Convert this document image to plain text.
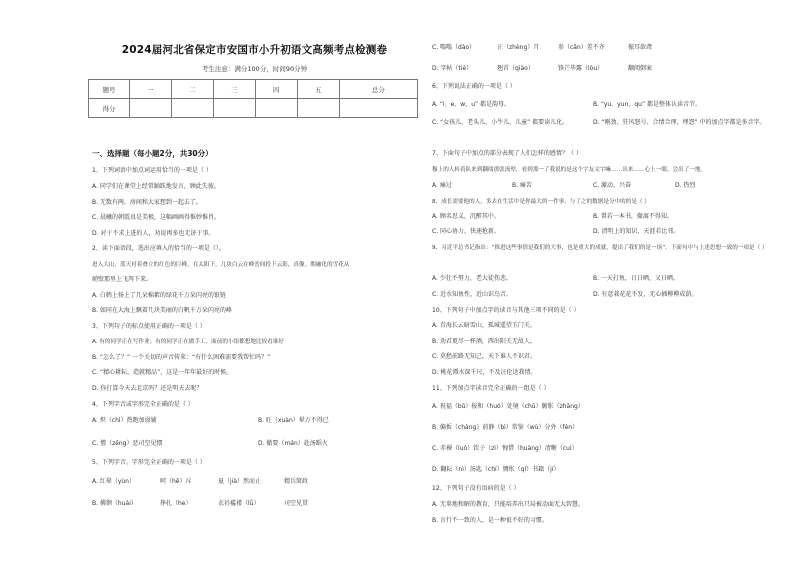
2024届河北省保定市安国市小升初语文高频考点检测卷
考生注意：满分100分，时间90分钟
题号	一	二	三	四	五	总分
得分						
一、选择题（每小题2分，共30分）
1、下列词语中加点词运用恰当的一项是（ ）
A. 同学们在课堂上经常踊跃地发言，顾此失彼。
B. 无数有两，房间和大家想到一起去了。
C. 晨曦的朝霞真是美极，这幅画画得惟妙惟肖。
D. 对于不求上进的人，劝说再多也无济于事。
2、读下面语段，选出应填入的恰当的一项是（）。
进入大山，蓝天衬着叠立的红色的巨峰，在太阳下，几块白云在峰峦间投下云影，真像。期融化的雪花从
峭壁那里上飞泻下来。
A. 白鹤上扬上了几朵棉絮的绿花千万朵闪亮的银链
B. 如同在大海上飘着几块美丽的白帆千万朵闪亮的峰
3、下列句子的标点使用正确的一项是（ ）
A. 有的同学正在写作业；有的同学正在做手工。面前的小组都想地比较看谁好
B. “怎么了？” 一个关切的声音传来：“有什么困难需要我帮忙吗？”
C. “精心耕耘，造就精品”，这是一年年最好的时候。
D. 你打算今天去北京吗？还是明天去呢？
4、下列字音或字形完全正确的是（ ）
A. 炽（chì）热跑加弱辅	B. 旺（xuàn）晕万不得已
C. 憎（zēng）恶司空见惯	D. 撤要（mán）赴汤蹈火
5、下列字音、字形完全正确的一项是（ ）
A. 红晕（yùn）	呵（hē）斥	夏（jià）然而止	精兵简政
B. 拂徊（huái）	挣扎（he）	衣衫褴褛（lǚ）	司空见贯
C. 嗡嗡（dào）	正（zhèng）月	参（cān）差不齐	振耳欲聋
D. 字帖（tiè）	翘首（qiào）	锋芒毕露（lòu）	翻阅倒案
6、下列说法正确的一项是（ ）
A. “i、e、w、u” 都是韵母。	B. “yu、yun、qu” 都是整体认读音节。
C. “女孩儿、老头儿、小牛儿、儿童” 都要读儿化。	D. “刚劲、狂风怒号、合情合理、埋怨” 中的加点字都是多音字。
7、下面句子中加点的部分表现了人们怎样的感情？（ ）
穆上的人转着队来到翻阅那张流壁，看到那一了我说的是这个字友文字嘛……出来……心上一眼，会出了一地。
A. 痛过	B. 痛苦	C. 激动、兴奋	D. 热烈
8、成长需要他的人，多去在生活中是你最大的一件事。与了之的数据是分中的的是（ ）
A. 顾名思义，沉醉其中。	B. 置若一本书，撤离不得知。
C. 同心协力，快速抢新。	D. 清明上的知识，天涯若比邻。
9、习近平总书记指出：“推进这些事情是我们的大事，也是重大的成就，提出了我们的是一场”。下面句中与上述思想一致的一项是（ ）
A. 少壮不努力，老大徒伤悲。	B. 一天打鱼，日日晒，又日晒。
C. 近水知鱼性，近山识鸟音。	D. 有意栽花花不发，无心插柳柳成荫。
10、下列句子中加点字的读音与其他三项不同的是（ ）
A. 青海长云暗雪山，孤城遥望玉门关。
B. 劝君更尽一杯酒，西出阳关无故人。
C. 莫愁前路无知己，天下谁人不识君。
D. 桃花潭水深千尺，不及汪伦送我情。
11、下列加点字读音完全正确的一组是（ ）
A. 祝福（bǔ）报和（huó）处境（chǔ）腑胀（zhāng）
B. 偏扳（chàng）前静（bì）常鉴（wù）分外（fèn）
C. 赤裸（luǒ）饮子（zì）惋惜（huàng）清晰（cui）
D. 翻耘（nì）汤匙（chí）惆怅（qí）书籍（jí）
12、下列句子没有语病的是（ ）
A. 无辜地和解的教育，只能培养出只局被动面无大智慧。
B. 言行不一致的人，是一种很不好的习惯。
